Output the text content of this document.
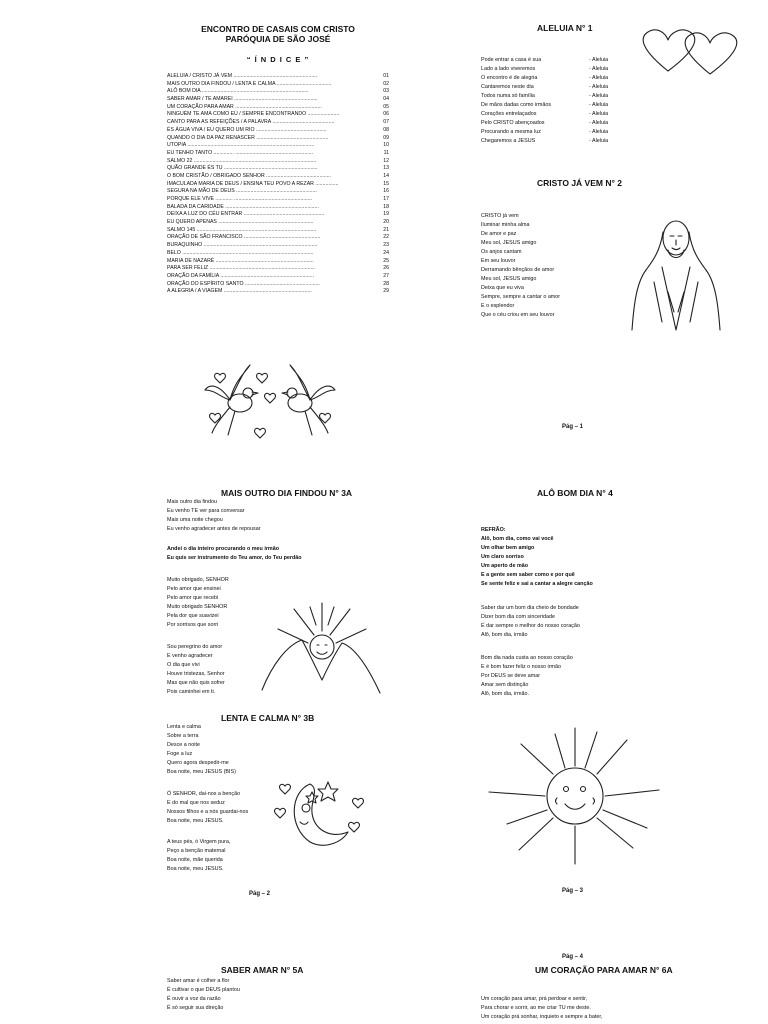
ENCONTRO DE CASAIS COM CRISTO
PARÓQUIA DE SÃO JOSÉ
“ Í N D I C E ”
ALELUIA / CRISTO JÁ VEM ..........................................................	01
MAIS OUTRO DIA FINDOU / LENTA E CALMA ......................................	02
ALÔ BOM DIA ..........................................................................	03
SABER AMAR / TE AMAREI ..........................................................	04
UM CORAÇÃO PARA AMAR ............................................................	05
NINGUÉM TE AMA COMO EU / SEMPRE ENCONTRANDO ......................	06
CANTO PARA AS REFEIÇÕES / A PALAVRA ...........................................	07
ÉS ÁGUA VIVA / EU QUERO UM RIO .................................................	08
QUANDO O DIA DA PAZ RENASCER ..................................................	09
UTOPIA ........................................................................................	10
EU TENHO TANTO .............. ......................................................	11
SALMO 22 .....................................................................................	12
QUÃO GRANDE ÉS TU .................................................................	13
O BOM CRISTÃO / OBRIGADO SENHOR .............................................	14
IMACULADA MARIA DE DEUS / ENSINA TEU POVO A REZAR ................	15
SEGURA NA MÃO DE DEUS ........................................................	16
PORQUE ELE VIVE ............ ......................................................	17
BALADA DA CARIDADE .................................................................	18
DEIXA A LUZ DO CÉU ENTRAR ........................................................	19
EU QUERO APENAS ..................................................................	20
SALMO 145 ...................................................................................	21
ORAÇÃO DE SÃO FRANCISCO .....................................................	22
BURAQUINHO ...............................................................................	23
BELO ...........................................................................................	24
MARIA DE NAZARÉ ....................................................................	25
PARA SER FELIZ .........................................................................	26
ORAÇÃO DA FAMÍLIA .................................................................	27
ORAÇÃO DO ESPÍRITO SANTO ....................................................	28
A ALEGRIA / A VIAGEM .............................................................	29
ALELUIA N° 1
Pode entrar a casa é sua	- Aleluia
Lado a lado viveremos	- Aleluia
O encontro é de alegria	- Aleluia
Cantaremos neste dia	- Aleluia
Todos numa só família	- Aleluia
De mãos dadas como irmãos	- Aleluia
Corações entrelaçados	- Aleluia
Pelo CRISTO abençoados	- Aleluia
Procurando a mesma luz	- Aleluia
Chegaremos a JESUS	- Aleluia
CRISTO JÁ VEM N° 2
CRISTO já vem
Iluminar minha alma
De amor e paz
Meu sol, JESUS amigo
Os anjos cantam
Em seu louvor
Derramando bênçãos de amor
Meu sol, JESUS amigo
Deixa que eu viva
Sempre, sempre a cantar o amor
E o esplendor
Que o céu criou em seu louvor
Pág – 1
MAIS OUTRO DIA FINDOU N° 3A
Mais outro dia findou
Eu venho TE ver para conversar
Mais uma noite chegou
Eu venho agradecer antes de repousar
Andei o dia inteiro procurando o meu irmão
Eu quis ser instrumento do Teu amor, do Teu perdão
Muito obrigado, SENHOR
Pelo amor que ensinei
Pelo amor que recebi
Muito obrigado SENHOR
Pela dor que suavizei
Por sorrisos que sorri
Sou peregrino do amor
E venho agradecer
O dia que vivi
Houve tristezas, Senhor
Mas que não quis sofrer
Pois caminhei em ti.
LENTA E CALMA N° 3B
Lenta e calma
Sobre a terra
Desce a noite
Foge a luz
Quero agora despedir-me
Boa noite, meu JESUS (BIS)
Ó SENHOR, dai-nos a benção
E do mal que nos seduz
Nossos filhos e a nós guardai-nos
Boa noite, meu JESUS.
A teus pés, ó Virgem pura,
Peço a benção maternal
Boa noite, mãe querida
Boa noite, meu JESUS.
Pág – 2
ALÔ BOM DIA N° 4
REFRÃO:
Alô, bom dia, como vai você
Um olhar bem amigo
Um claro sorriso
Um aperto de mão
E a gente sem saber como e por quê
Se sente feliz e sai a cantar a alegre canção
Saber dar um bom dia cheio de bondade
Dizer bom dia com sinceridade
É dar sempre o melhor do nosso coração
Alô, bom dia, irmão
Bom dia nada custa ao nosso coração
E é bom fazer feliz o nosso irmão
Por DEUS se deve amar
Amar sem distinção
Alô, bom dia, irmão.
Pág – 3
Pág – 4
SABER AMAR N° 5A
Saber amar é colher a flor
É cultivar o que DEUS plantou
É ouvir a voz da razão
É só seguir sua direção
UM CORAÇÃO PARA AMAR N° 6A
Um coração para amar, prá perdoar e sentir,
Para chorar e sorrir, ao me criar TU me deste.
Um coração prá sonhar, inquieto e sempre a bater,
